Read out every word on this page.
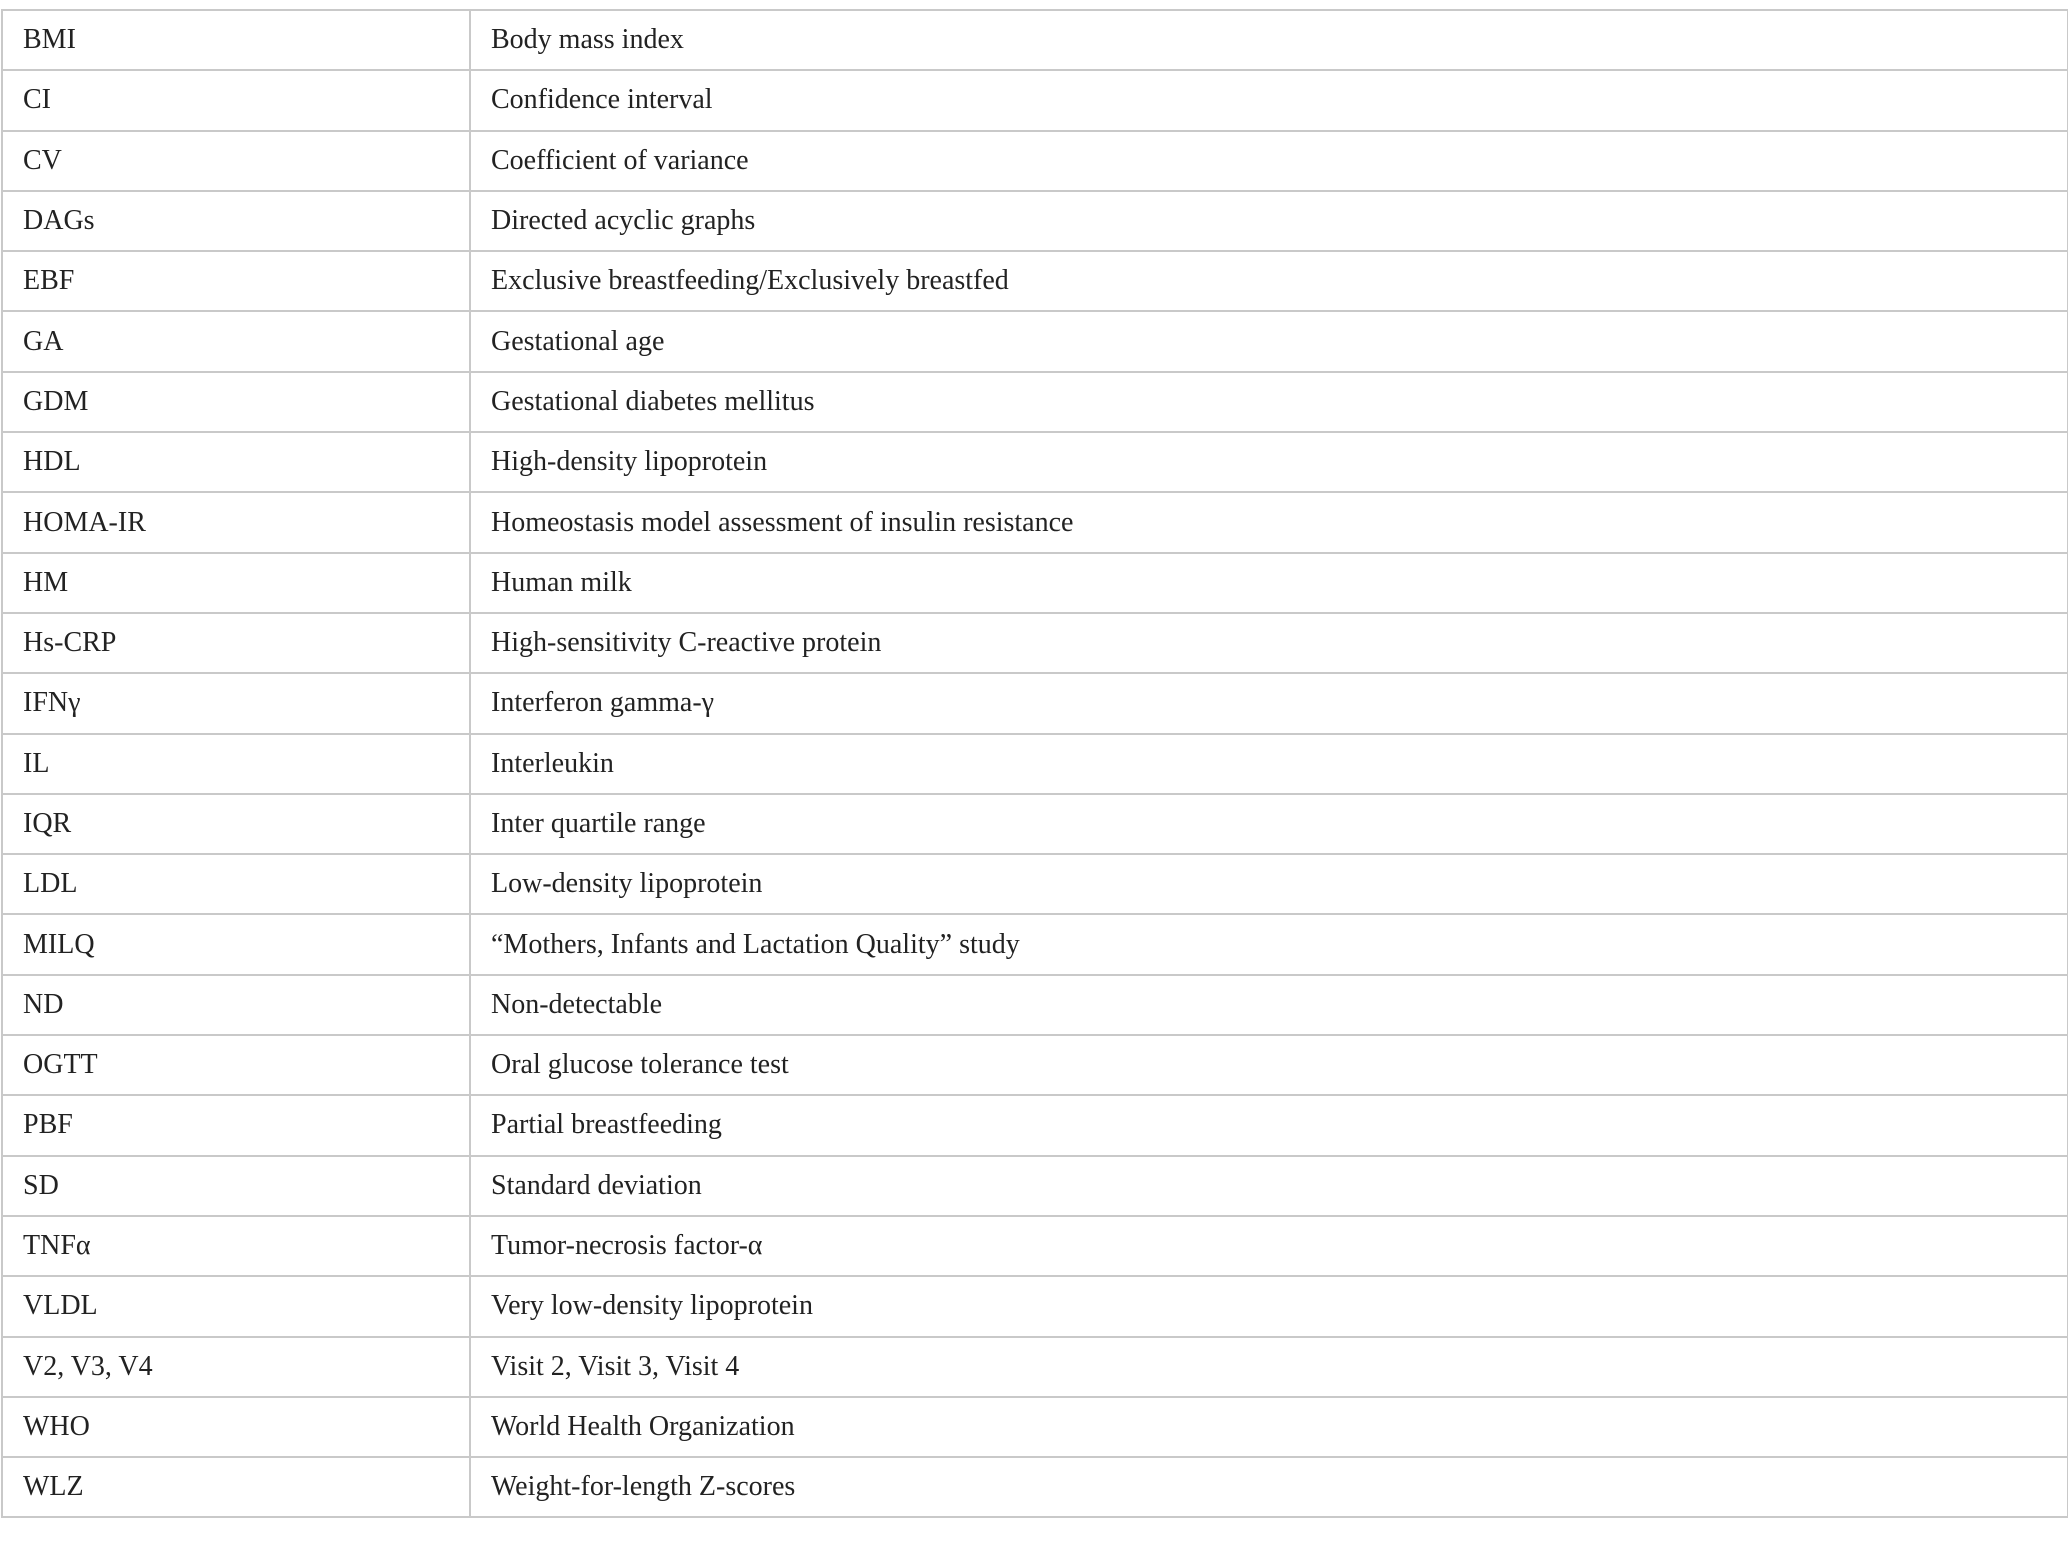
BMI	Body mass index
CI	Confidence interval
CV	Coefficient of variance
DAGs	Directed acyclic graphs
EBF	Exclusive breastfeeding/Exclusively breastfed
GA	Gestational age
GDM	Gestational diabetes mellitus
HDL	High-density lipoprotein
HOMA-IR	Homeostasis model assessment of insulin resistance
HM	Human milk
Hs-CRP	High-sensitivity C-reactive protein
IFNγ	Interferon gamma-γ
IL	Interleukin
IQR	Inter quartile range
LDL	Low-density lipoprotein
MILQ	“Mothers, Infants and Lactation Quality” study
ND	Non-detectable
OGTT	Oral glucose tolerance test
PBF	Partial breastfeeding
SD	Standard deviation
TNFα	Tumor-necrosis factor-α
VLDL	Very low-density lipoprotein
V2, V3, V4	Visit 2, Visit 3, Visit 4
WHO	World Health Organization
WLZ	Weight-for-length Z-scores
